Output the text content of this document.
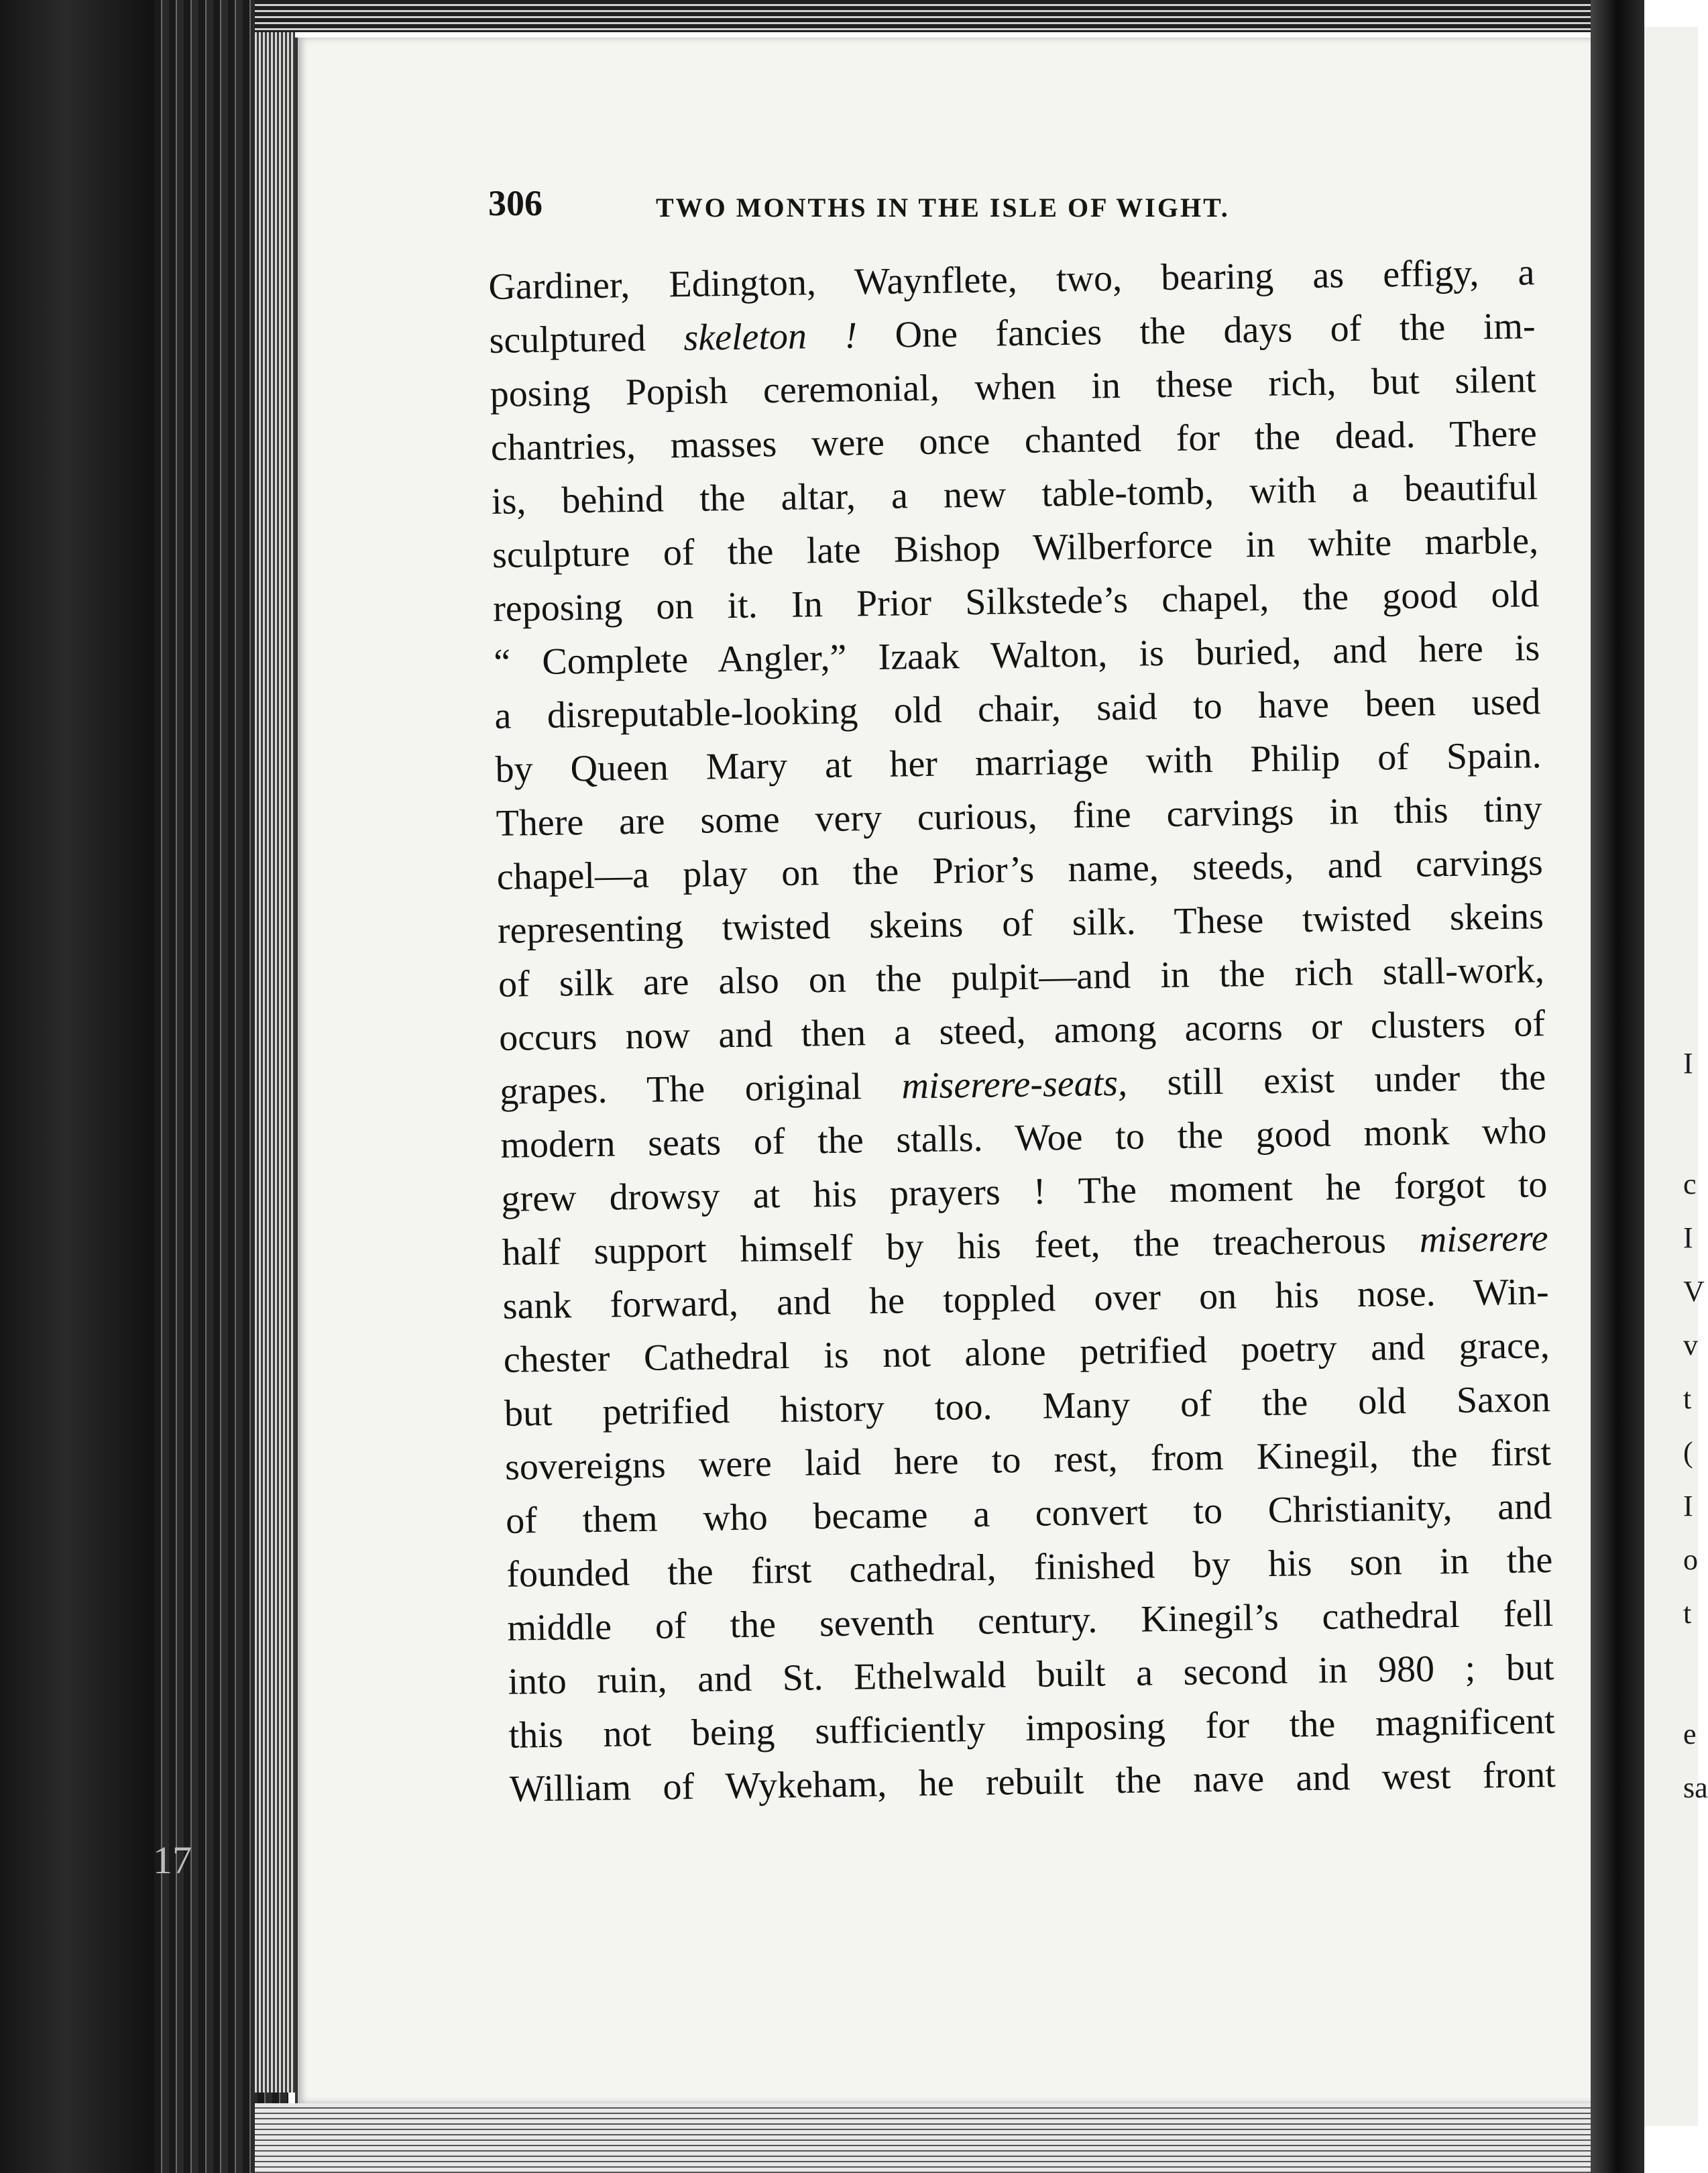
17
I
c
I
V
v
t
(
I
o
t
e
sa
306	TWO MONTHS IN THE ISLE OF WIGHT.
Gardiner, Edington, Waynflete, two, bearing as effigy, a
sculptured skeleton ! One fancies the days of the im-
posing Popish ceremonial, when in these rich, but silent
chantries, masses were once chanted for the dead. There
is, behind the altar, a new table-tomb, with a beautiful
sculpture of the late Bishop Wilberforce in white marble,
reposing on it. In Prior Silkstede’s chapel, the good old
“ Complete Angler,” Izaak Walton, is buried, and here is
a disreputable-looking old chair, said to have been used
by Queen Mary at her marriage with Philip of Spain.
There are some very curious, fine carvings in this tiny
chapel—a play on the Prior’s name, steeds, and carvings
representing twisted skeins of silk. These twisted skeins
of silk are also on the pulpit—and in the rich stall-work,
occurs now and then a steed, among acorns or clusters of
grapes. The original miserere-seats, still exist under the
modern seats of the stalls. Woe to the good monk who
grew drowsy at his prayers ! The moment he forgot to
half support himself by his feet, the treacherous miserere
sank forward, and he toppled over on his nose. Win-
chester Cathedral is not alone petrified poetry and grace,
but petrified history too. Many of the old Saxon
sovereigns were laid here to rest, from Kinegil, the first
of them who became a convert to Christianity, and
founded the first cathedral, finished by his son in the
middle of the seventh century. Kinegil’s cathedral fell
into ruin, and St. Ethelwald built a second in 980 ; but
this not being sufficiently imposing for the magnificent
William of Wykeham, he rebuilt the nave and west front
